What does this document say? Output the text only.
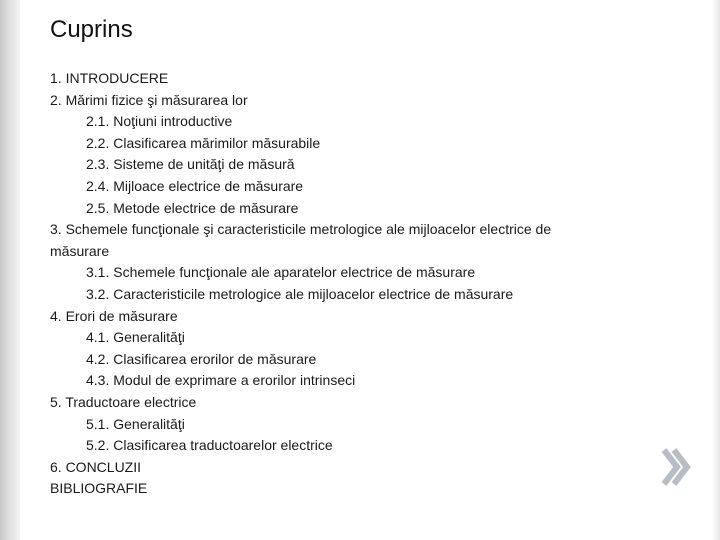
Cuprins
1. INTRODUCERE
2. Mărimi fizice şi măsurarea lor
2.1. Noţiuni introductive
2.2. Clasificarea mărimilor măsurabile
2.3. Sisteme de unităţi de măsură
2.4. Mijloace electrice de măsurare
2.5. Metode electrice de măsurare
3. Schemele funcţionale şi caracteristicile metrologice ale mijloacelor electrice de măsurare
3.1. Schemele funcţionale ale aparatelor electrice de măsurare
3.2. Caracteristicile metrologice ale mijloacelor electrice de măsurare
4. Erori de măsurare
4.1. Generalităţi
4.2. Clasificarea erorilor de măsurare
4.3. Modul de exprimare a erorilor intrinseci
5. Traductoare electrice
5.1. Generalităţi
5.2. Clasificarea traductoarelor electrice
6. CONCLUZII
BIBLIOGRAFIE
